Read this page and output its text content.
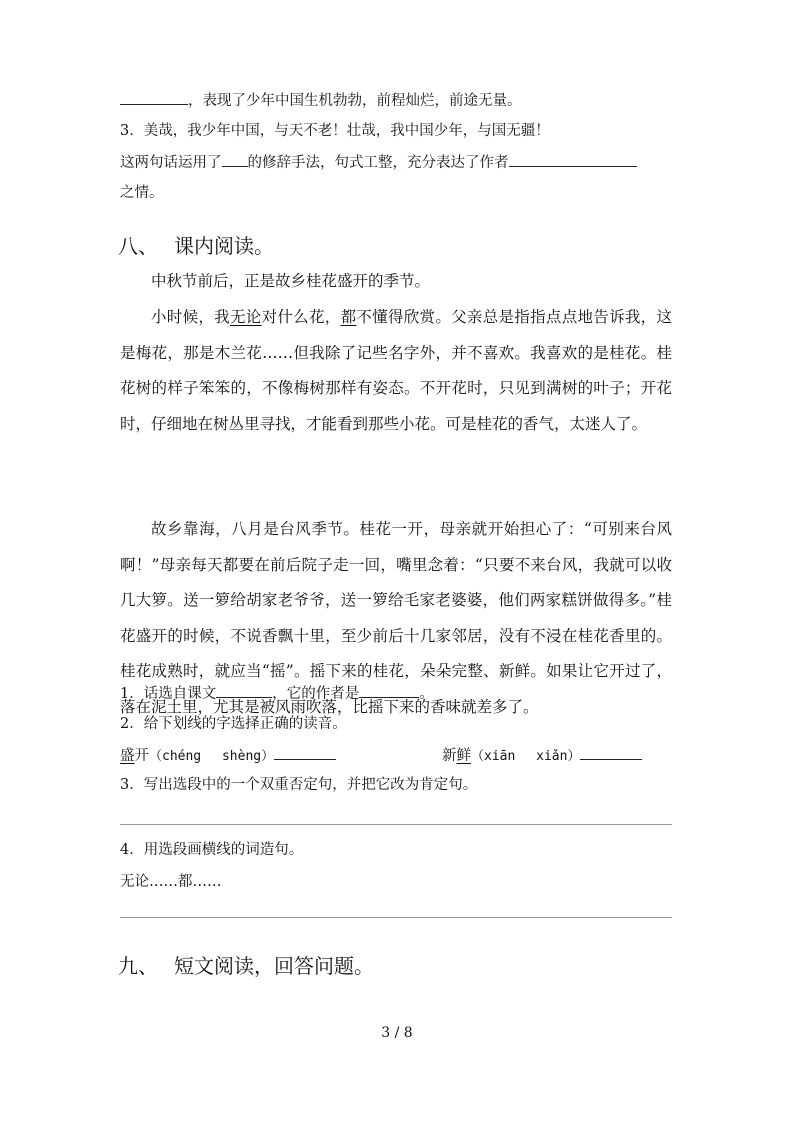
，表现了少年中国生机勃勃，前程灿烂，前途无量。
3．美哉，我少年中国，与天不老！壮哉，我中国少年，与国无疆！
这两句话运用了 的修辞手法，句式工整，充分表达了作者
之情。
八、 课内阅读。

中秋节前后，正是故乡桂花盛开的季节。

小时候，我无论对什么花，都不懂得欣赏。父亲总是指指点点地告诉我，这是梅花，那是木兰花……但我除了记些名字外，并不喜欢。我喜欢的是桂花。桂花树的样子笨笨的，不像梅树那样有姿态。不开花时，只见到满树的叶子；开花时，仔细地在树丛里寻找，才能看到那些小花。可是桂花的香气，太迷人了。

故乡靠海，八月是台风季节。桂花一开，母亲就开始担心了：“可别来台风啊！”母亲每天都要在前后院子走一回，嘴里念着：“只要不来台风，我就可以收几大箩。送一箩给胡家老爷爷，送一箩给毛家老婆婆，他们两家糕饼做得多。”桂花盛开的时候，不说香飘十里，至少前后十几家邻居，没有不浸在桂花香里的。桂花成熟时，就应当“摇”。摇下来的桂花，朵朵完整、新鲜。如果让它开过了，落在泥土里，尤其是被风雨吹落，比摇下来的香味就差多了。

1．话选自课文	，它的作者是	。
2．给下划线的字选择正确的读音。
盛开（chéng　 shèng）	新鲜（xiān　 xiǎn）
3．写出选段中的一个双重否定句，并把它改为肯定句。
4．用选段画横线的词造句。
无论……都……
九、 短文阅读，回答问题。
3 / 8
